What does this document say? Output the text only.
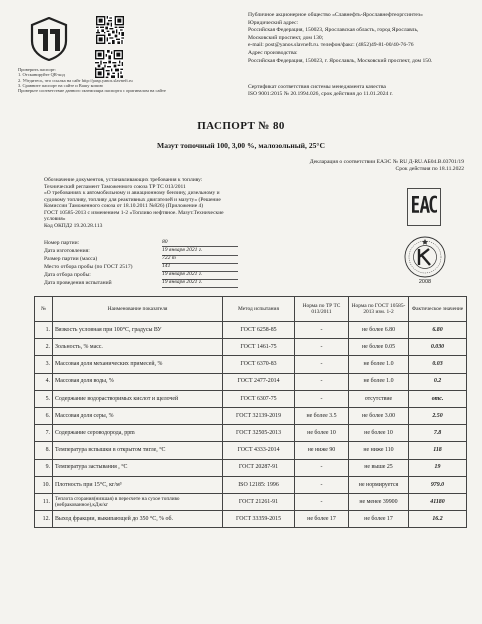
Проверить паспорт:
1. Отсканируйте QR-код
2. Убедитесь, что ссылка на сайт http://pasp.yanos.slavneft.ru
3. Сравните паспорт на сайте и Вашу копию
Проверьте соответствие данного экземпляра паспорта с оригиналом на сайте
Публичное акционерное общество «Славнефть-Ярославнефтеоргсинтез»
Юридический адрес:
Российская Федерация, 150023, Ярославская область, город Ярославль,
Московский проспект, дом 130;
e-mail: post@yanos.slavneft.ru. телефон/факс: (4852)49-81-00/40-76-76
Адрес производства:
Российская Федерация, 150023, г. Ярославль, Московский проспект, дом 150.
Сертификат соответствия системы менеджмента качества
ISO 9001:2015 № 20.1994.026, срок действия до 11.01.2024 г.
ПАСПОРТ № 80
Мазут топочный 100, 3,00 %, малозольный, 25°С
Декларация о соответствии ЕАЭС № RU Д-RU.АБ04.В.03701/19
Срок действия по 18.11.2022
Обозначение документов, устанавливающих требования к топливу:
Технический регламент Таможенного союза ТР ТС 013/2011
«О требованиях к автомобильному и авиационному бензину, дизельному и
судовому топливу, топливу для реактивных двигателей и мазуту» (Решение
Комиссии Таможенного союза от 18.10.2011 №826) (Приложение 4)
ГОСТ 10585-2013 с изменением 1-2 «Топливо нефтяное. Мазут.Технические
условия»
Код ОКПД2 19.20.28.113
Номер партии:	80
Дата изготовления:	19 января 2021 г.
Размер партии (масса)	722 т
Место отбора пробы (по ГОСТ 2517)	141
Дата отбора пробы:	19 января 2021 г.
Дата проведения испытаний	19 января 2021 г.	2008
№	Наименование показателя	Метод испытания	Норма по ТР ТС 013/2011	Норма по ГОСТ 10585-2013 изм. 1-2	Фактическое значение
1.	Вязкость условная при 100°С, градусы ВУ	ГОСТ 6258-85	-	не более 6.80	6.80
2.	Зольность, % масс.	ГОСТ 1461-75	-	не более 0.05	0.030
3.	Массовая доля механических примесей, %	ГОСТ 6370-83	-	не более 1.0	0.03
4.	Массовая доля воды, %	ГОСТ 2477-2014	-	не более 1.0	0.2
5.	Содержание водорастворимых кислот и щелочей	ГОСТ 6307-75	-	отсутствие	отс.
6.	Массовая доля серы, %	ГОСТ 32139-2019	не более 3.5	не более 3.00	2.50
7.	Содержание сероводорода, ppm	ГОСТ 32505-2013	не более 10	не более 10	7.8
8.	Температура вспышки в открытом тигле, °С	ГОСТ 4333-2014	не ниже 90	не ниже 110	118
9.	Температура застывания , °С	ГОСТ 20287-91	-	не выше 25	19
10.	Плотность при 15°С, кг/м³	ISO 12185: 1996	-	не нормируется	979.0
11.	Теплота сгорания(низшая) в пересчете на сухое топливо (небракованное),кДж/кг	ГОСТ 21261-91	-	не менее 39900	41180
12.	Выход фракции, выкипающей до 350 °С, % об.	ГОСТ 33359-2015	не более 17	не более 17	16.2
